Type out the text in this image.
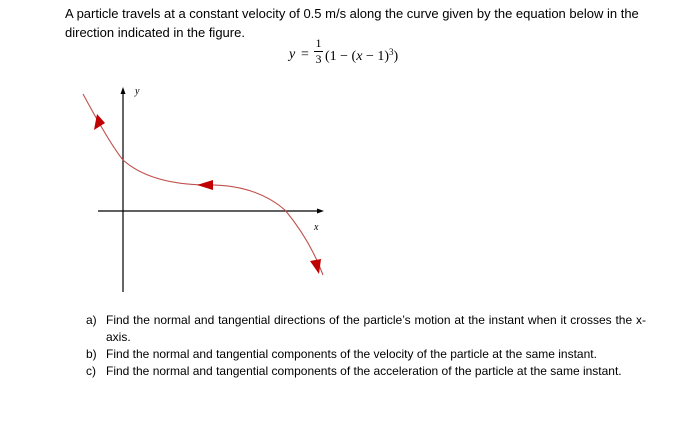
A particle travels at a constant velocity of 0.5 m/s along the curve given by the equation below in the direction indicated in the figure.

y =
1
3 $(1 - (x - 1)^3)$
y
x
a) Find the normal and tangential directions of the particle’s motion at the instant when it crosses the x-axis.
b) Find the normal and tangential components of the velocity of the particle at the same instant.
c) Find the normal and tangential components of the acceleration of the particle at the same instant.
